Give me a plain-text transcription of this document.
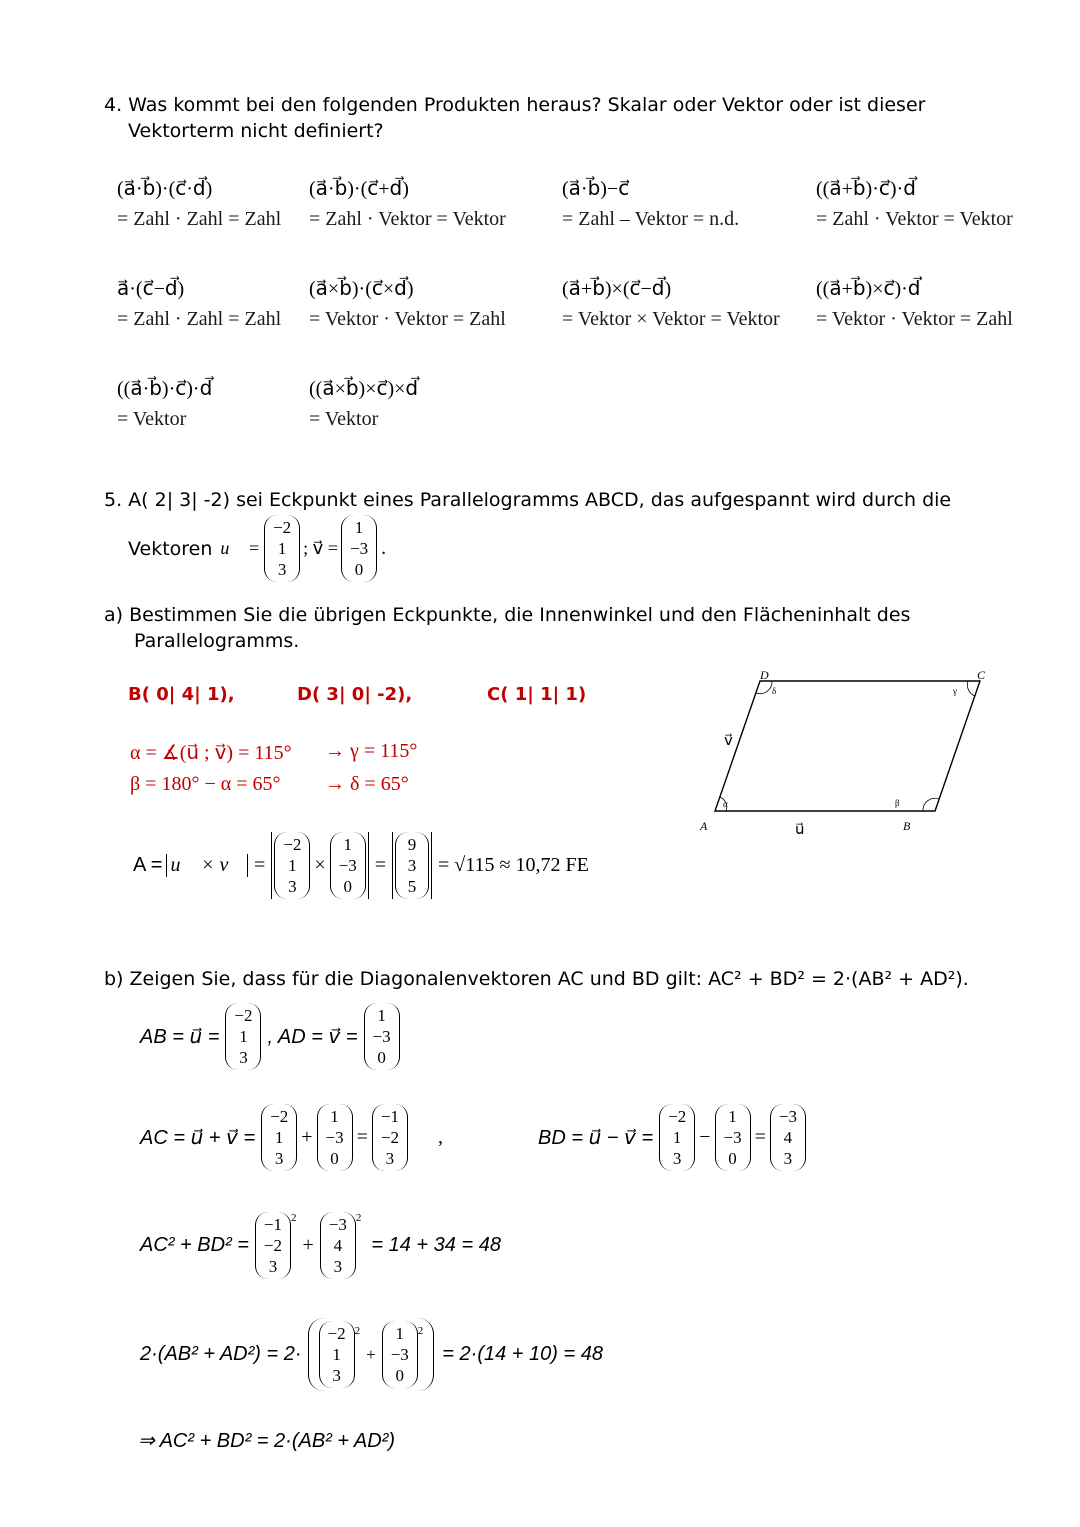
4. Was kommt bei den folgenden Produkten heraus? Skalar oder Vektor oder ist dieser
Vektorterm nicht definiert?
(a⃗·b⃗)·(c⃗·d⃗)
= Zahl · Zahl = Zahl
(a⃗·b⃗)·(c⃗+d⃗)
= Zahl · Vektor = Vektor
(a⃗·b⃗)−c⃗
= Zahl – Vektor = n.d.
((a⃗+b⃗)·c⃗)·d⃗
= Zahl · Vektor = Vektor
a⃗·(c⃗−d⃗)
= Zahl · Zahl = Zahl
(a⃗×b⃗)·(c⃗×d⃗)
= Vektor · Vektor = Zahl
(a⃗+b⃗)×(c⃗−d⃗)
= Vektor × Vektor = Vektor
((a⃗+b⃗)×c⃗)·d⃗
= Vektor · Vektor = Zahl
((a⃗·b⃗)·c⃗)·d⃗
= Vektor
((a⃗×b⃗)×c⃗)×d⃗
= Vektor
5. A( 2| 3| -2) sei Eckpunkt eines Parallelogramms ABCD, das aufgespannt wird durch die
Vektoren u⃗ =
−2
1
3
; v⃗ =
1
−3
0
.
a) Bestimmen Sie die übrigen Eckpunkte, die Innenwinkel und den Flächeninhalt des
Parallelogramms.
B( 0| 4| 1),	D( 3| 0| -2),	C( 1| 1| 1)
α = ∡(u⃗ ; v⃗) = 115° → γ = 115°
β = 180° − α = 65° → δ = 65°
A = u⃗ × v⃗ =
−2
1
3
×
1
−3
0
=
9
3
5
= √115 ≈ 10,72 FE
A	B
C
D
α	β
γ
δ
u⃗
v⃗
b) Zeigen Sie, dass für die Diagonalenvektoren AC und BD gilt: AC² + BD² = 2·(AB² + AD²).
AB = u⃗ =
−2
1
3
, AD = v⃗ =
1
−3
0
AC = u⃗ + v⃗ =
−2
1
3
+
1
−3
0
=
−1
−2
3
,	BD = u⃗ − v⃗ =
−2
1
3
−
1
−3
0
=
−3
4
3
AC² + BD² =
−1
−2
3
$^2$
+
−3
4
3
$^2$
= 14 + 34 = 48
2·(AB² + AD²) = 2·
−2
1
3
$^2$
+
1
−3
0
$^2$
= 2·(14 + 10) = 48
⇒ AC² + BD² = 2·(AB² + AD²)
